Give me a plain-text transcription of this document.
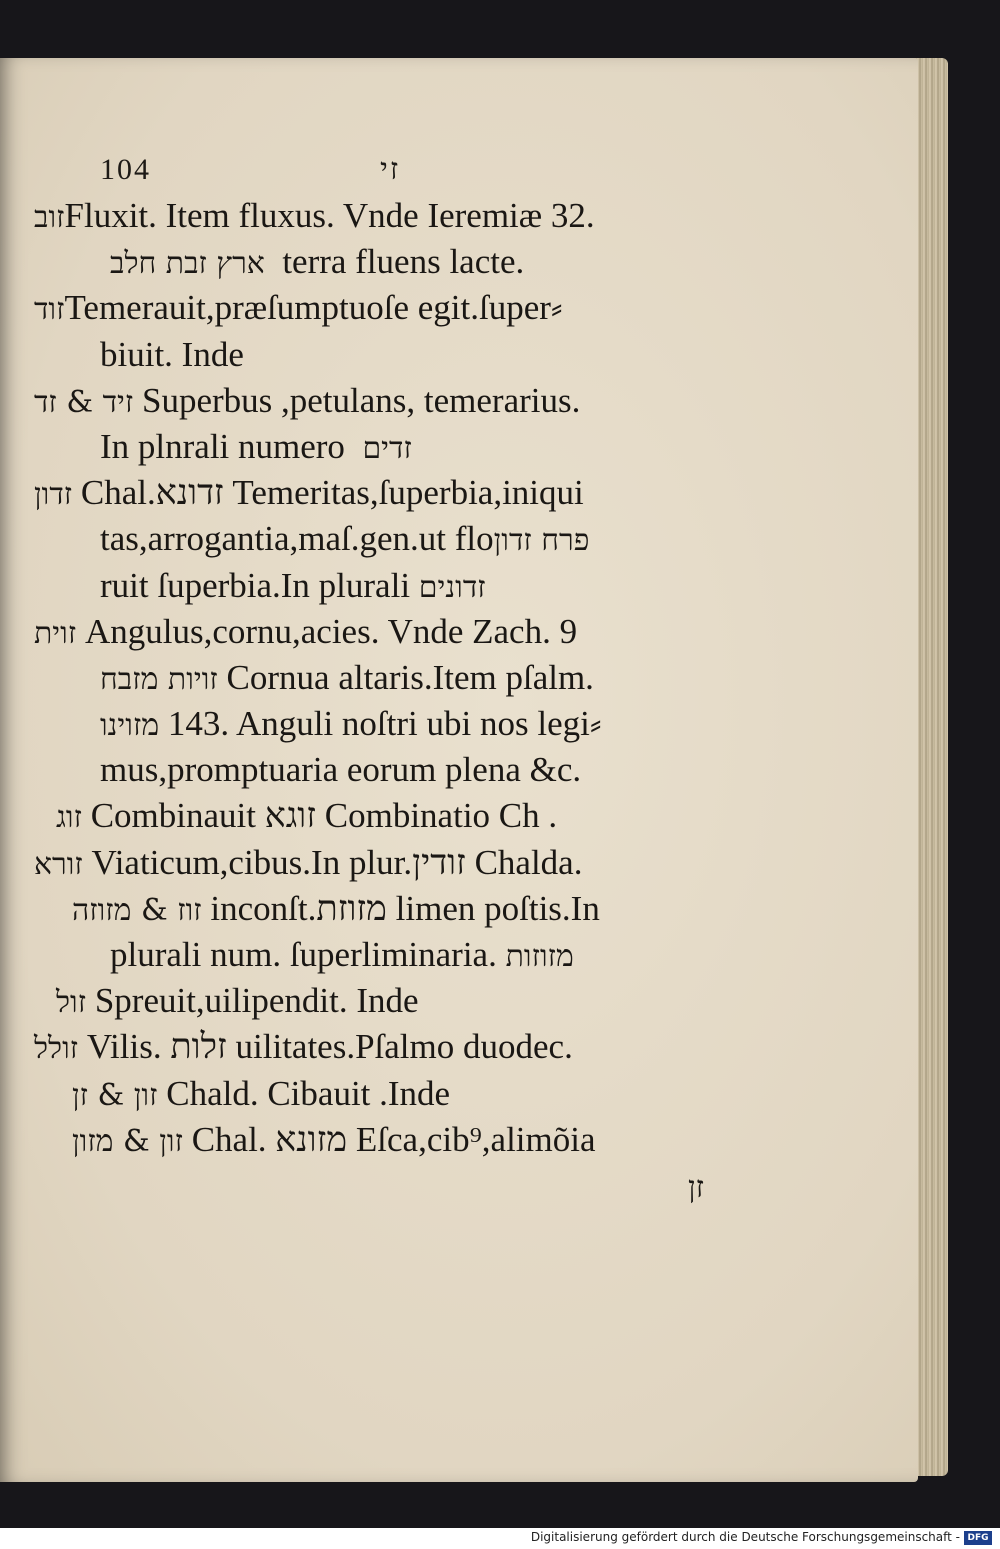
104	זי
זובFluxit. Item fluxus. Vnde Ieremiæ 32.
ארץ זבת חלב terra fluens lacte.
זודTemerauit,præſumptuoſe egit.ſuper⸗
biuit. Inde
זיד & זד Superbus ,petulans, temerarius.
In plnrali numero זדים
זדון Chal.זדונא Temeritas,ſuperbia,iniqui
tas,arrogantia,maſ.gen.ut floפרח זדון
ruit ſuperbia.In plurali זדונים
זוית Angulus,cornu,acies. Vnde Zach. 9
זויות מזבח Cornua altaris.Item pſalm.
מזוינו 143. Anguli noſtri ubi nos legi⸗
mus,promptuaria eorum plena &c.
זוג Combinauit זוגא Combinatio Ch .
זורא Viaticum,cibus.In plur.זודין Chalda.
זוז & מזוזה inconſt.מזוזת limen poſtis.In
plurali num. ſuperliminaria. מזוזות
זול Spreuit,uilipendit. Inde
זולל Vilis. זלות uilitates.Pſalmo duodec.
זון & זן Chald. Cibauit .Inde
זון & מזון Chal. מזונא Eſca,cib⁹,alimõia
זן
Digitalisierung gefördert durch die Deutsche Forschungsgemeinschaft - DFG
